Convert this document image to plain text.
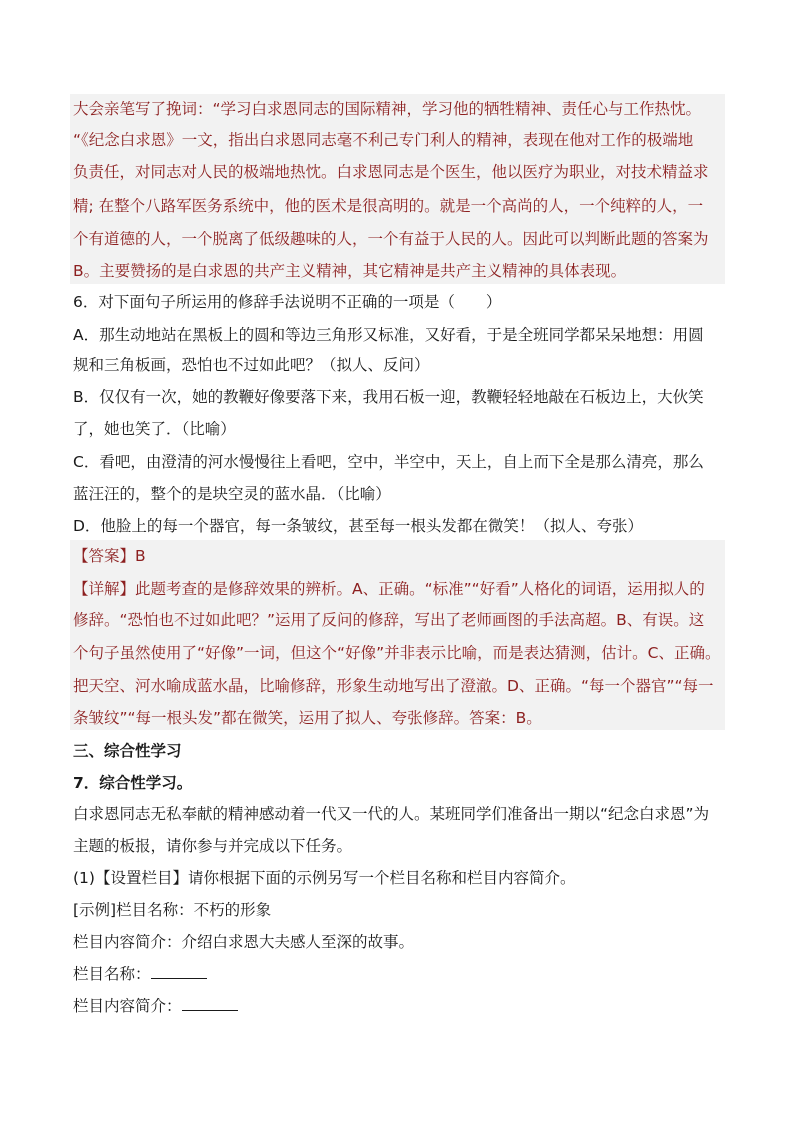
大会亲笔写了挽词：“学习白求恩同志的国际精神，学习他的牺牲精神、责任心与工作热忱。
“《纪念白求恩》一文，指出白求恩同志毫不利己专门利人的精神，表现在他对工作的极端地
负责任，对同志对人民的极端地热忱。白求恩同志是个医生，他以医疗为职业，对技术精益求
精; 在整个八路军医务系统中，他的医术是很高明的。就是一个高尚的人，一个纯粹的人，一
个有道德的人，一个脱离了低级趣味的人，一个有益于人民的人。因此可以判断此题的答案为
B。主要赞扬的是白求恩的共产主义精神，其它精神是共产主义精神的具体表现。
6．对下面句子所运用的修辞手法说明不正确的一项是（　　）
A．那生动地站在黑板上的圆和等边三角形又标准，又好看，于是全班同学都呆呆地想：用圆
规和三角板画，恐怕也不过如此吧？（拟人、反问）
B．仅仅有一次，她的教鞭好像要落下来，我用石板一迎，教鞭轻轻地敲在石板边上，大伙笑
了，她也笑了．（比喻）
C．看吧，由澄清的河水慢慢往上看吧，空中，半空中，天上，自上而下全是那么清亮，那么
蓝汪汪的，整个的是块空灵的蓝水晶．（比喻）
D．他脸上的每一个器官，每一条皱纹，甚至每一根头发都在微笑！（拟人、夸张）
【答案】B
【详解】此题考查的是修辞效果的辨析。A、正确。“标准”“好看”人格化的词语，运用拟人的
修辞。“恐怕也不过如此吧？”运用了反问的修辞，写出了老师画图的手法高超。B、有误。这
个句子虽然使用了“好像”一词，但这个“好像”并非表示比喻，而是表达猜测，估计。C、正确。
把天空、河水喻成蓝水晶，比喻修辞，形象生动地写出了澄澈。D、正确。“每一个器官”“每一
条皱纹”“每一根头发”都在微笑，运用了拟人、夸张修辞。答案：B。
三、综合性学习
7．综合性学习。
白求恩同志无私奉献的精神感动着一代又一代的人。某班同学们准备出一期以“纪念白求恩”为
主题的板报，请你参与并完成以下任务。
(1)【设置栏目】请你根据下面的示例另写一个栏目名称和栏目内容简介。
[示例]栏目名称：不朽的形象
栏目内容简介：介绍白求恩大夫感人至深的故事。
栏目名称：
栏目内容简介：
